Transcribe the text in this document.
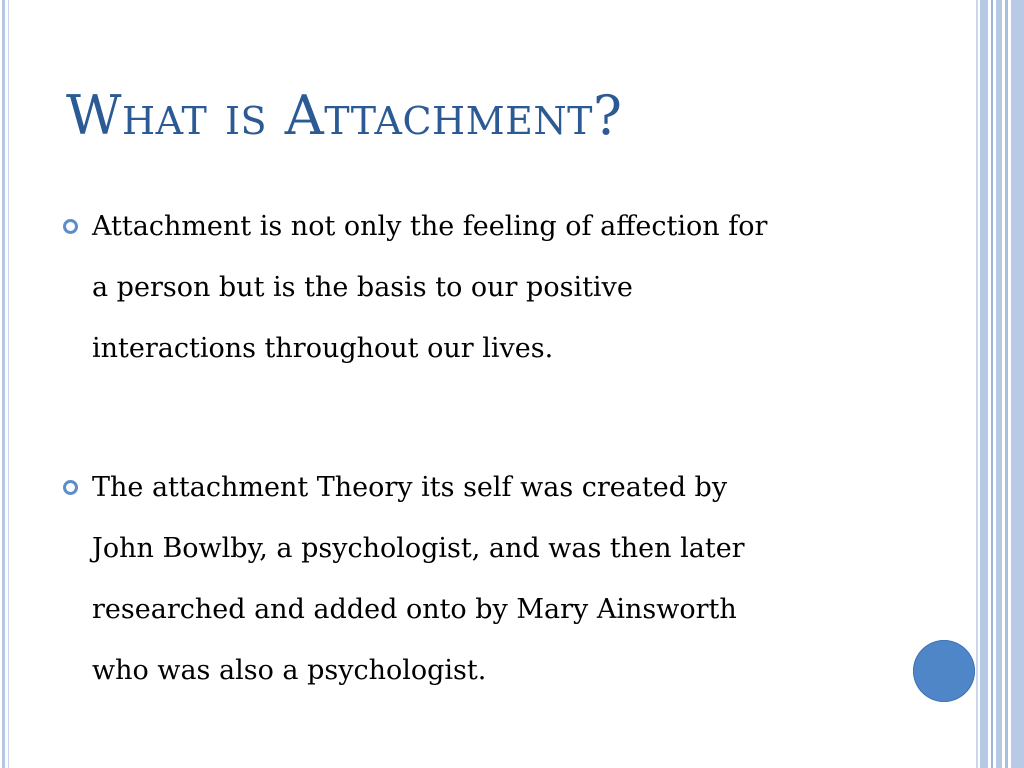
What is Attachment?
Attachment is not only the feeling of affection for
a person but is the basis to our positive
interactions throughout our lives.
The attachment Theory its self was created by
John Bowlby, a psychologist, and was then later
researched and added onto by Mary Ainsworth
who was also a psychologist.
